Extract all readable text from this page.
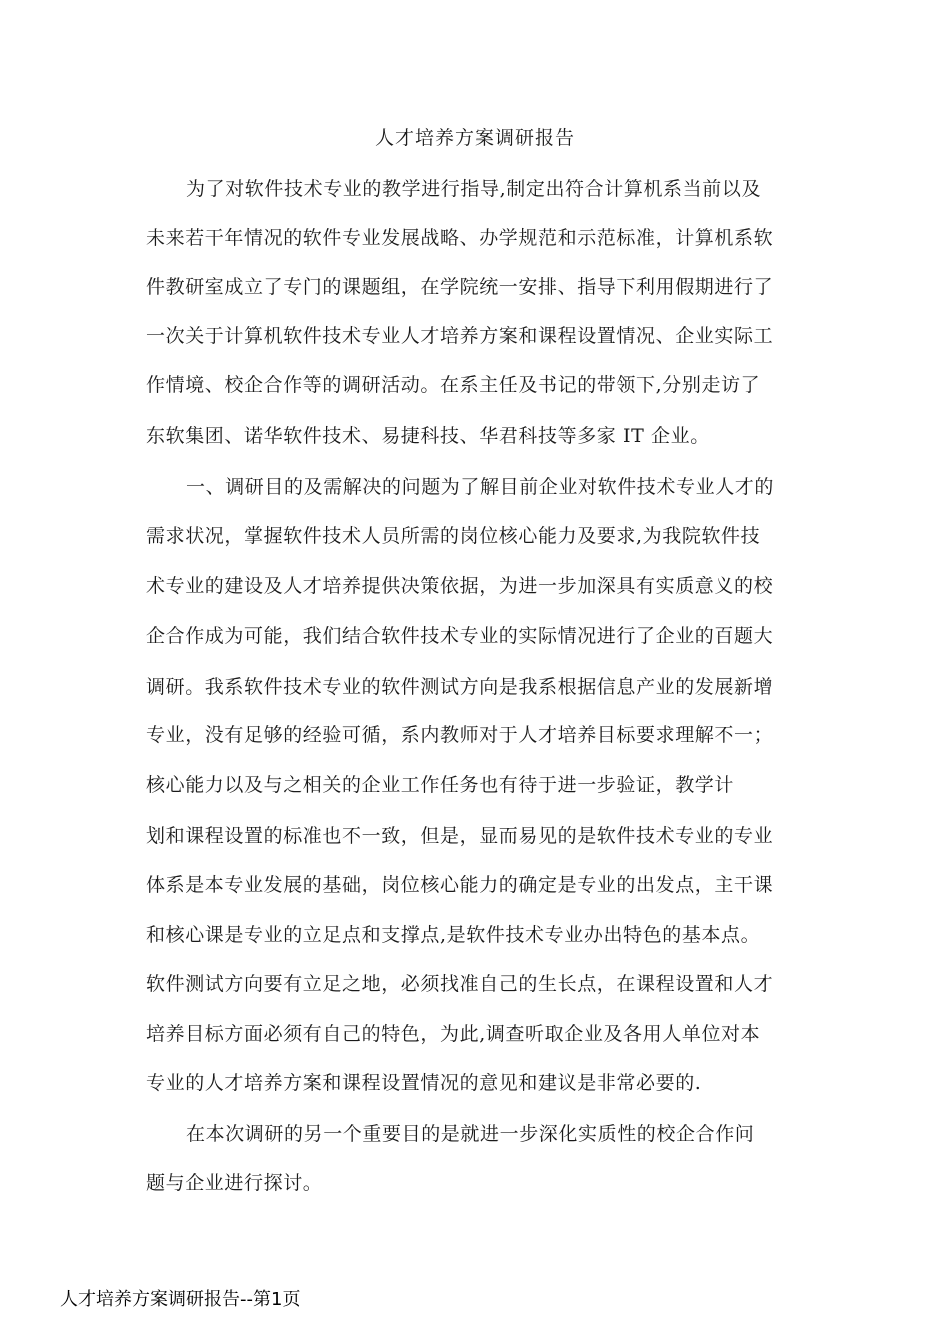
人才培养方案调研报告
为了对软件技术专业的教学进行指导,制定出符合计算机系当前以及
未来若干年情况的软件专业发展战略、办学规范和示范标准，计算机系软
件教研室成立了专门的课题组，在学院统一安排、指导下利用假期进行了
一次关于计算机软件技术专业人才培养方案和课程设置情况、企业实际工
作情境、校企合作等的调研活动。在系主任及书记的带领下,分别走访了
东软集团、诺华软件技术、易捷科技、华君科技等多家 IT 企业。
一、调研目的及需解决的问题为了解目前企业对软件技术专业人才的
需求状况，掌握软件技术人员所需的岗位核心能力及要求,为我院软件技
术专业的建设及人才培养提供决策依据，为进一步加深具有实质意义的校
企合作成为可能，我们结合软件技术专业的实际情况进行了企业的百题大
调研。我系软件技术专业的软件测试方向是我系根据信息产业的发展新增
专业，没有足够的经验可循，系内教师对于人才培养目标要求理解不一；
核心能力以及与之相关的企业工作任务也有待于进一步验证，教学计
划和课程设置的标准也不一致，但是，显而易见的是软件技术专业的专业
体系是本专业发展的基础，岗位核心能力的确定是专业的出发点，主干课
和核心课是专业的立足点和支撑点,是软件技术专业办出特色的基本点。
软件测试方向要有立足之地，必须找准自己的生长点，在课程设置和人才
培养目标方面必须有自己的特色，为此,调查听取企业及各用人单位对本
专业的人才培养方案和课程设置情况的意见和建议是非常必要的.
在本次调研的另一个重要目的是就进一步深化实质性的校企合作问
题与企业进行探讨。
人才培养方案调研报告--第1页
